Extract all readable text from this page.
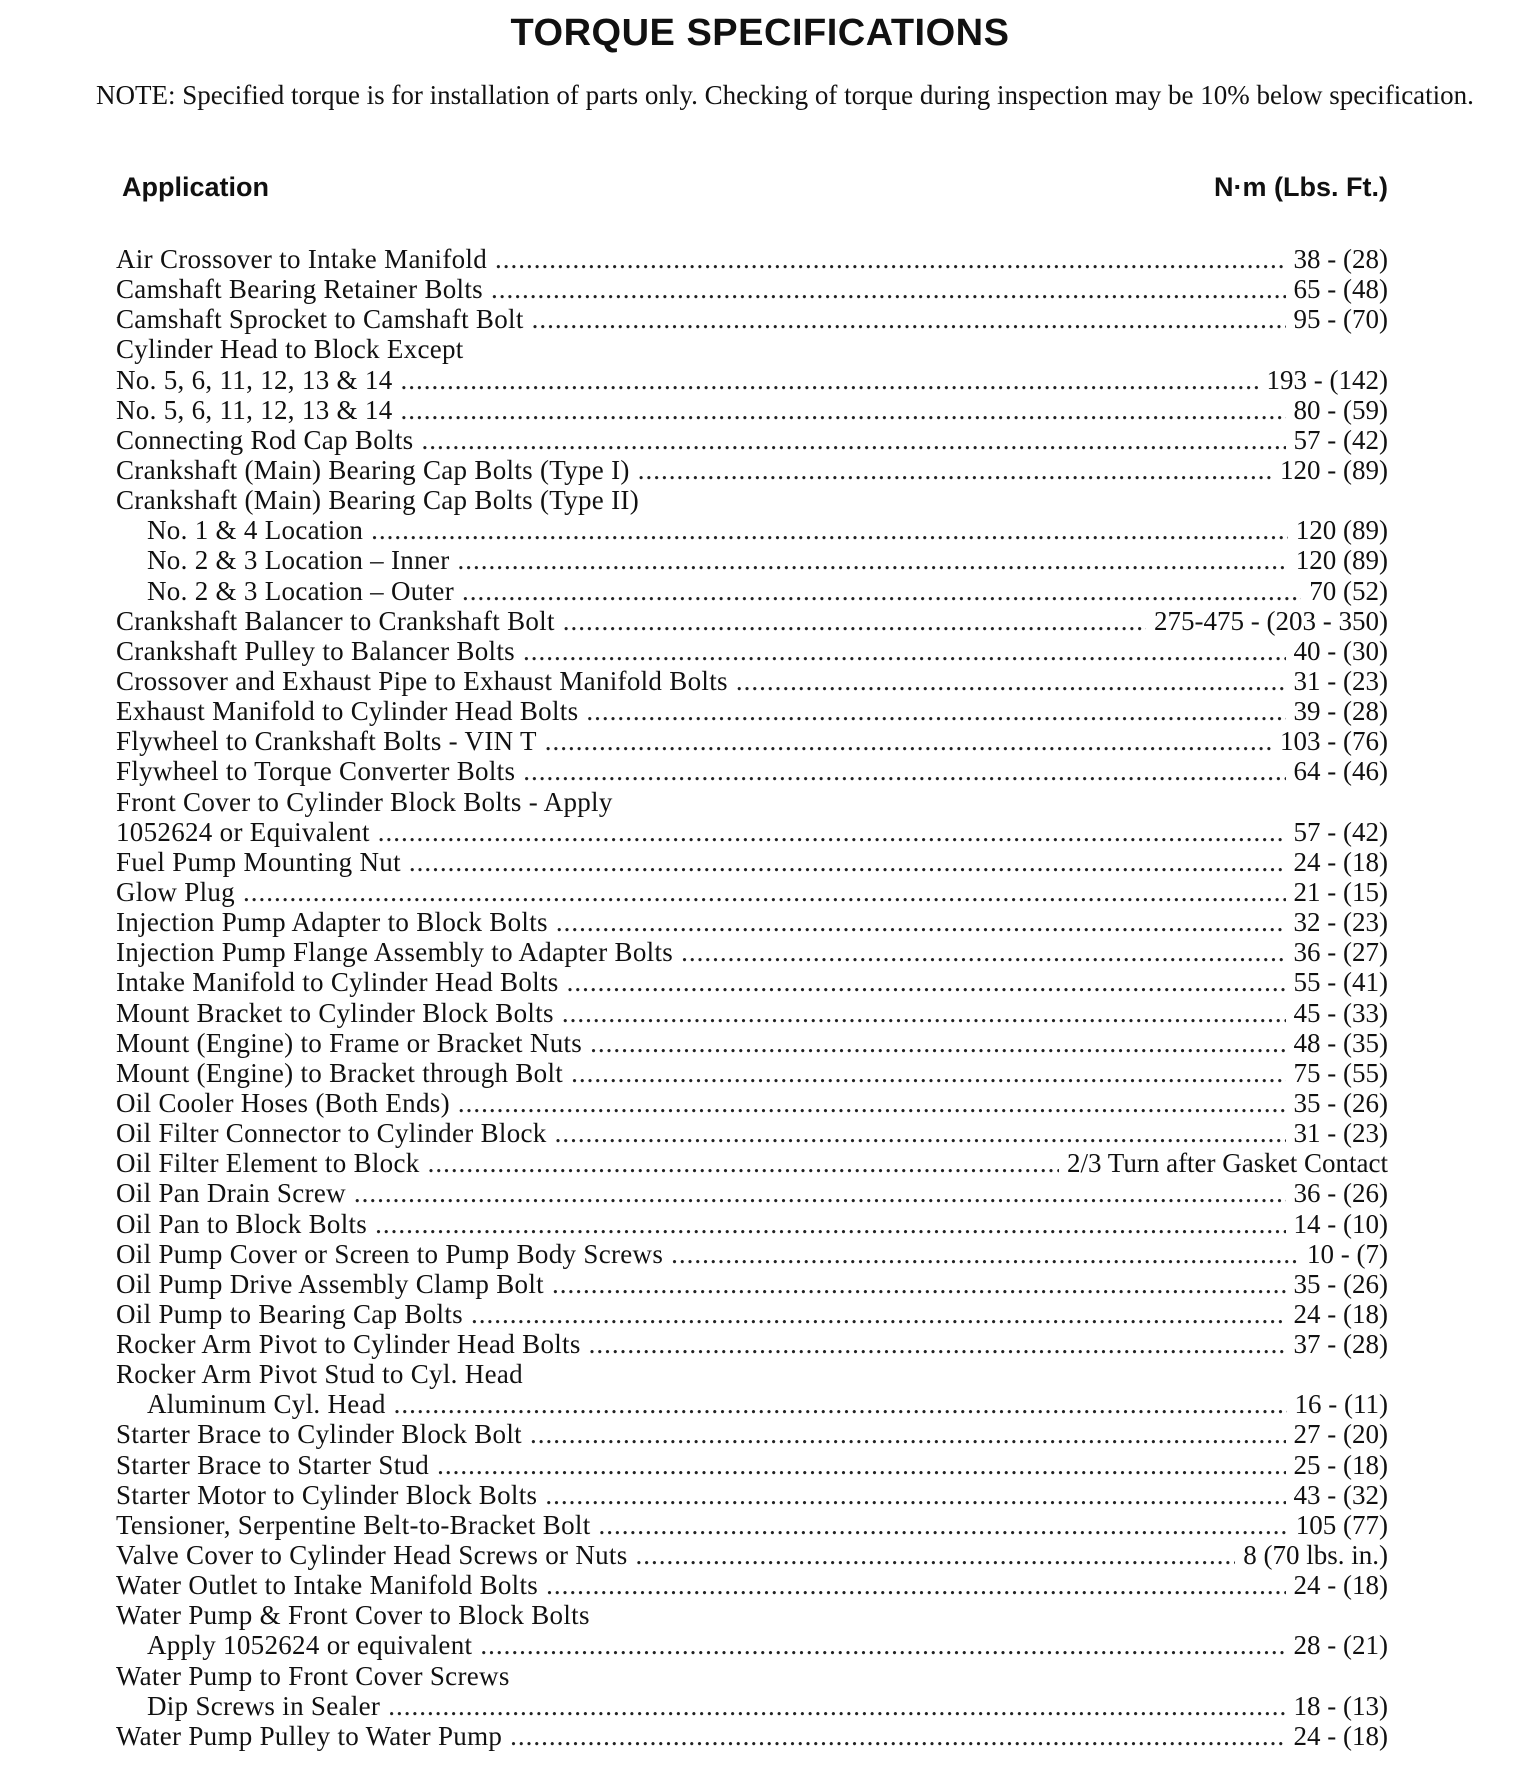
TORQUE SPECIFICATIONS

NOTE: Specified torque is for installation of parts only. Checking of torque during inspection may be 10% below specification.

Application	N·m (Lbs. Ft.)
Air Crossover to Intake Manifold .....	38 - (28)
Camshaft Bearing Retainer Bolts .....	65 - (48)
Camshaft Sprocket to Camshaft Bolt .....	95 - (70)
Cylinder Head to Block Except
No. 5, 6, 11, 12, 13 & 14 .....	193 - (142)
No. 5, 6, 11, 12, 13 & 14 .....	80 - (59)
Connecting Rod Cap Bolts .....	57 - (42)
Crankshaft (Main) Bearing Cap Bolts (Type I) .....	120 - (89)
Crankshaft (Main) Bearing Cap Bolts (Type II)
No. 1 & 4 Location .....	120 (89)
No. 2 & 3 Location – Inner .....	120 (89)
No. 2 & 3 Location – Outer .....	70 (52)
Crankshaft Balancer to Crankshaft Bolt .....	275-475 - (203 - 350)
Crankshaft Pulley to Balancer Bolts .....	40 - (30)
Crossover and Exhaust Pipe to Exhaust Manifold Bolts .....	31 - (23)
Exhaust Manifold to Cylinder Head Bolts .....	39 - (28)
Flywheel to Crankshaft Bolts - VIN T .....	103 - (76)
Flywheel to Torque Converter Bolts .....	64 - (46)
Front Cover to Cylinder Block Bolts - Apply
1052624 or Equivalent .....	57 - (42)
Fuel Pump Mounting Nut .....	24 - (18)
Glow Plug .....	21 - (15)
Injection Pump Adapter to Block Bolts .....	32 - (23)
Injection Pump Flange Assembly to Adapter Bolts .....	36 - (27)
Intake Manifold to Cylinder Head Bolts .....	55 - (41)
Mount Bracket to Cylinder Block Bolts .....	45 - (33)
Mount (Engine) to Frame or Bracket Nuts .....	48 - (35)
Mount (Engine) to Bracket through Bolt .....	75 - (55)
Oil Cooler Hoses (Both Ends) .....	35 - (26)
Oil Filter Connector to Cylinder Block .....	31 - (23)
Oil Filter Element to Block .....	2/3 Turn after Gasket Contact
Oil Pan Drain Screw .....	36 - (26)
Oil Pan to Block Bolts .....	14 - (10)
Oil Pump Cover or Screen to Pump Body Screws .....	10 - (7)
Oil Pump Drive Assembly Clamp Bolt .....	35 - (26)
Oil Pump to Bearing Cap Bolts .....	24 - (18)
Rocker Arm Pivot to Cylinder Head Bolts .....	37 - (28)
Rocker Arm Pivot Stud to Cyl. Head
Aluminum Cyl. Head .....	16 - (11)
Starter Brace to Cylinder Block Bolt .....	27 - (20)
Starter Brace to Starter Stud .....	25 - (18)
Starter Motor to Cylinder Block Bolts .....	43 - (32)
Tensioner, Serpentine Belt-to-Bracket Bolt .....	105 (77)
Valve Cover to Cylinder Head Screws or Nuts .....	8 (70 lbs. in.)
Water Outlet to Intake Manifold Bolts .....	24 - (18)
Water Pump & Front Cover to Block Bolts
Apply 1052624 or equivalent .....	28 - (21)
Water Pump to Front Cover Screws
Dip Screws in Sealer .....	18 - (13)
Water Pump Pulley to Water Pump .....	24 - (18)
